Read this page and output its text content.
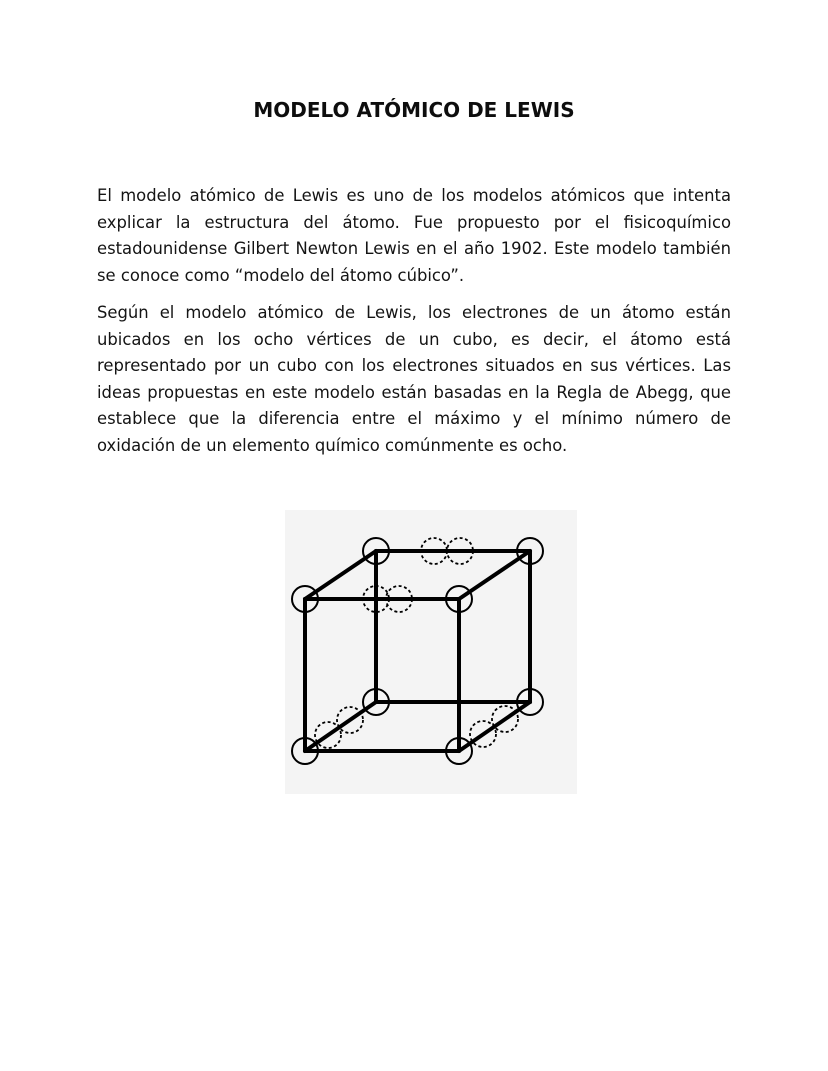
MODELO ATÓMICO DE LEWIS

El modelo atómico de Lewis es uno de los modelos atómicos que intenta explicar la estructura del átomo. Fue propuesto por el fisicoquímico estadounidense Gilbert Newton Lewis en el año 1902. Este modelo también se conoce como “modelo del átomo cúbico”.

Según el modelo atómico de Lewis, los electrones de un átomo están ubicados en los ocho vértices de un cubo, es decir, el átomo está representado por un cubo con los electrones situados en sus vértices. Las ideas propuestas en este modelo están basadas en la Regla de Abegg, que establece que la diferencia entre el máximo y el mínimo número de oxidación de un elemento químico comúnmente es ocho.
